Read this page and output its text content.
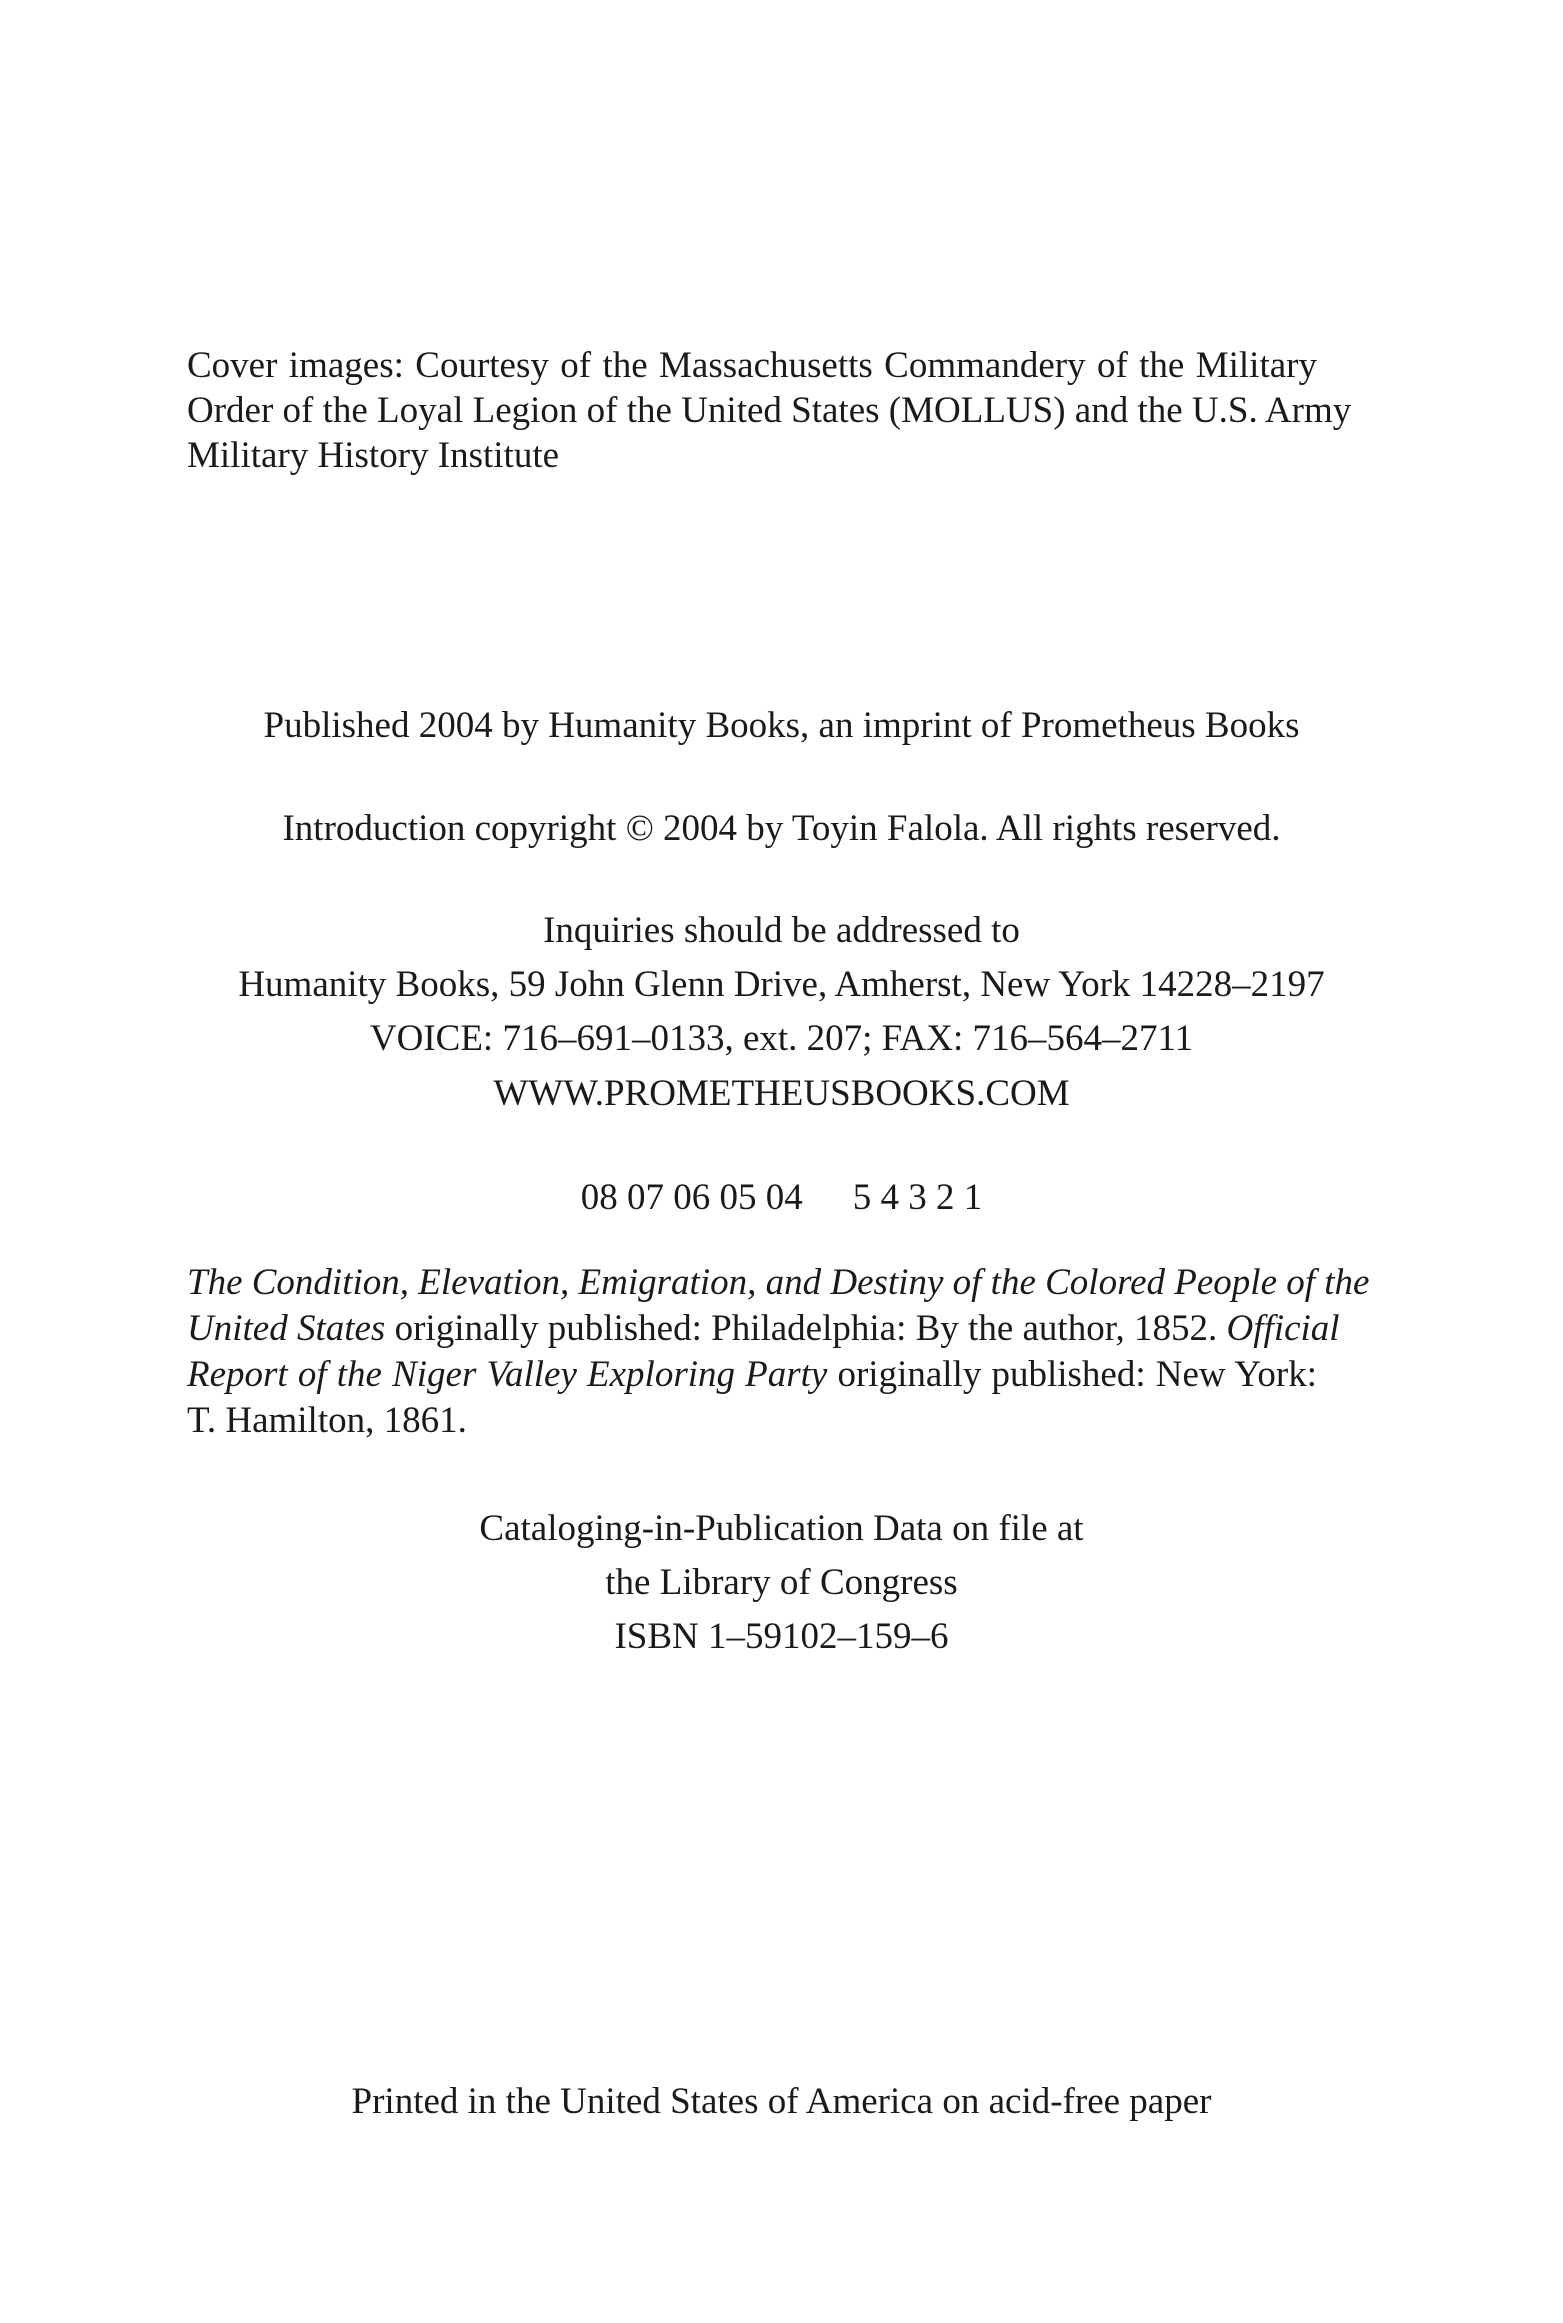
Cover images: Courtesy of the Massachusetts Commandery of the Military
Order of the Loyal Legion of the United States (MOLLUS) and the U.S. Army
Military History Institute
Published 2004 by Humanity Books, an imprint of Prometheus Books
Introduction copyright © 2004 by Toyin Falola. All rights reserved.
Inquiries should be addressed to
Humanity Books, 59 John Glenn Drive, Amherst, New York 14228–2197
VOICE: 716–691–0133, ext. 207; FAX: 716–564–2711
WWW.PROMETHEUSBOOKS.COM
08 07 06 05 04 5 4 3 2 1
The Condition, Elevation, Emigration, and Destiny of the Colored People of the
United States originally published: Philadelphia: By the author, 1852. Official
Report of the Niger Valley Exploring Party originally published: New York:
T. Hamilton, 1861.
Cataloging-in-Publication Data on file at
the Library of Congress
ISBN 1–59102–159–6
Printed in the United States of America on acid-free paper
